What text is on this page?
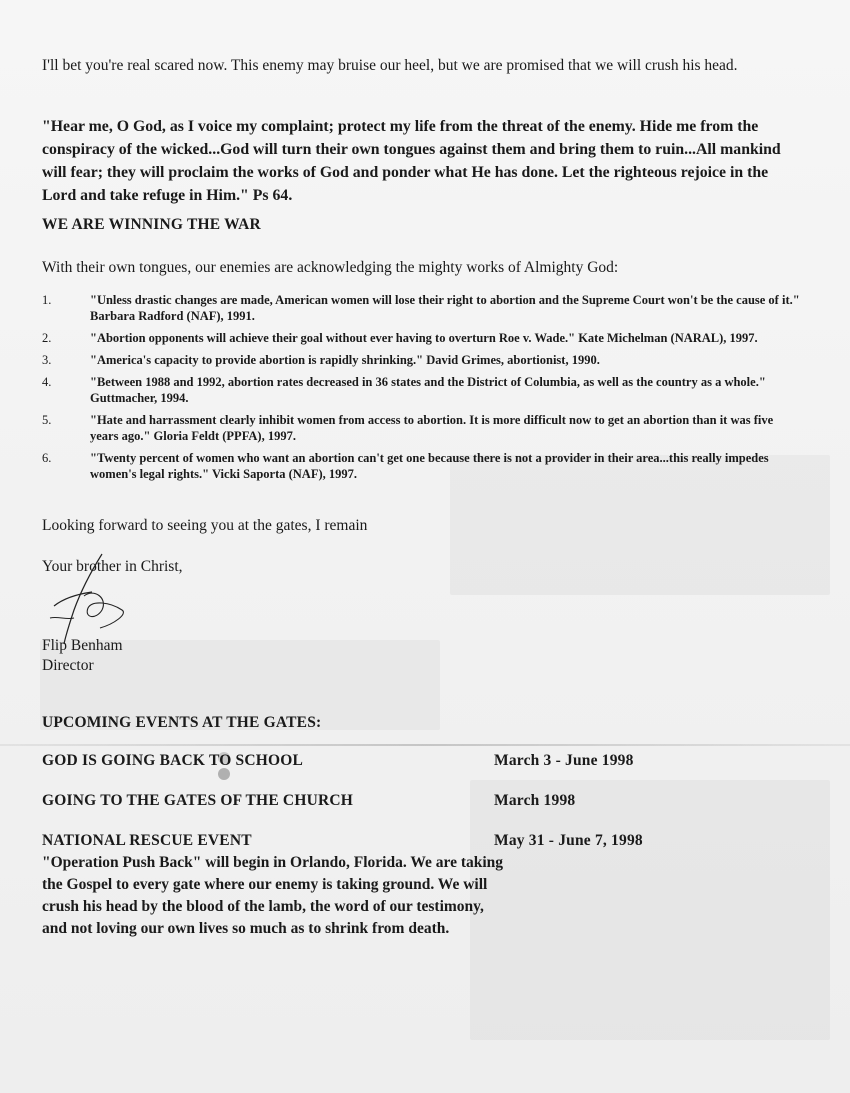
I'll bet you're real scared now. This enemy may bruise our heel, but we are promised that we will crush his head.
"Hear me, O God, as I voice my complaint; protect my life from the threat of the enemy. Hide me from the conspiracy of the wicked...God will turn their own tongues against them and bring them to ruin...All mankind will fear; they will proclaim the works of God and ponder what He has done. Let the righteous rejoice in the Lord and take refuge in Him." Ps 64.
WE ARE WINNING THE WAR
With their own tongues, our enemies are acknowledging the mighty works of Almighty God:
1.	"Unless drastic changes are made, American women will lose their right to abortion and the Supreme Court won't be the cause of it." Barbara Radford (NAF), 1991.
2.	"Abortion opponents will achieve their goal without ever having to overturn Roe v. Wade." Kate Michelman (NARAL), 1997.
3.	"America's capacity to provide abortion is rapidly shrinking." David Grimes, abortionist, 1990.
4.	"Between 1988 and 1992, abortion rates decreased in 36 states and the District of Columbia, as well as the country as a whole." Guttmacher, 1994.
5.	"Hate and harrassment clearly inhibit women from access to abortion. It is more difficult now to get an abortion than it was five years ago." Gloria Feldt (PPFA), 1997.
6.	"Twenty percent of women who want an abortion can't get one because there is not a provider in their area...this really impedes women's legal rights." Vicki Saporta (NAF), 1997.
Looking forward to seeing you at the gates, I remain
Your brother in Christ,
Flip Benham
Director
UPCOMING EVENTS AT THE GATES:
GOD IS GOING BACK TO SCHOOL	March 3 - June 1998
GOING TO THE GATES OF THE CHURCH	March 1998
NATIONAL RESCUE EVENT	May 31 - June 7, 1998
"Operation Push Back" will begin in Orlando, Florida. We are taking the Gospel to every gate where our enemy is taking ground. We will crush his head by the blood of the lamb, the word of our testimony, and not loving our own lives so much as to shrink from death.
